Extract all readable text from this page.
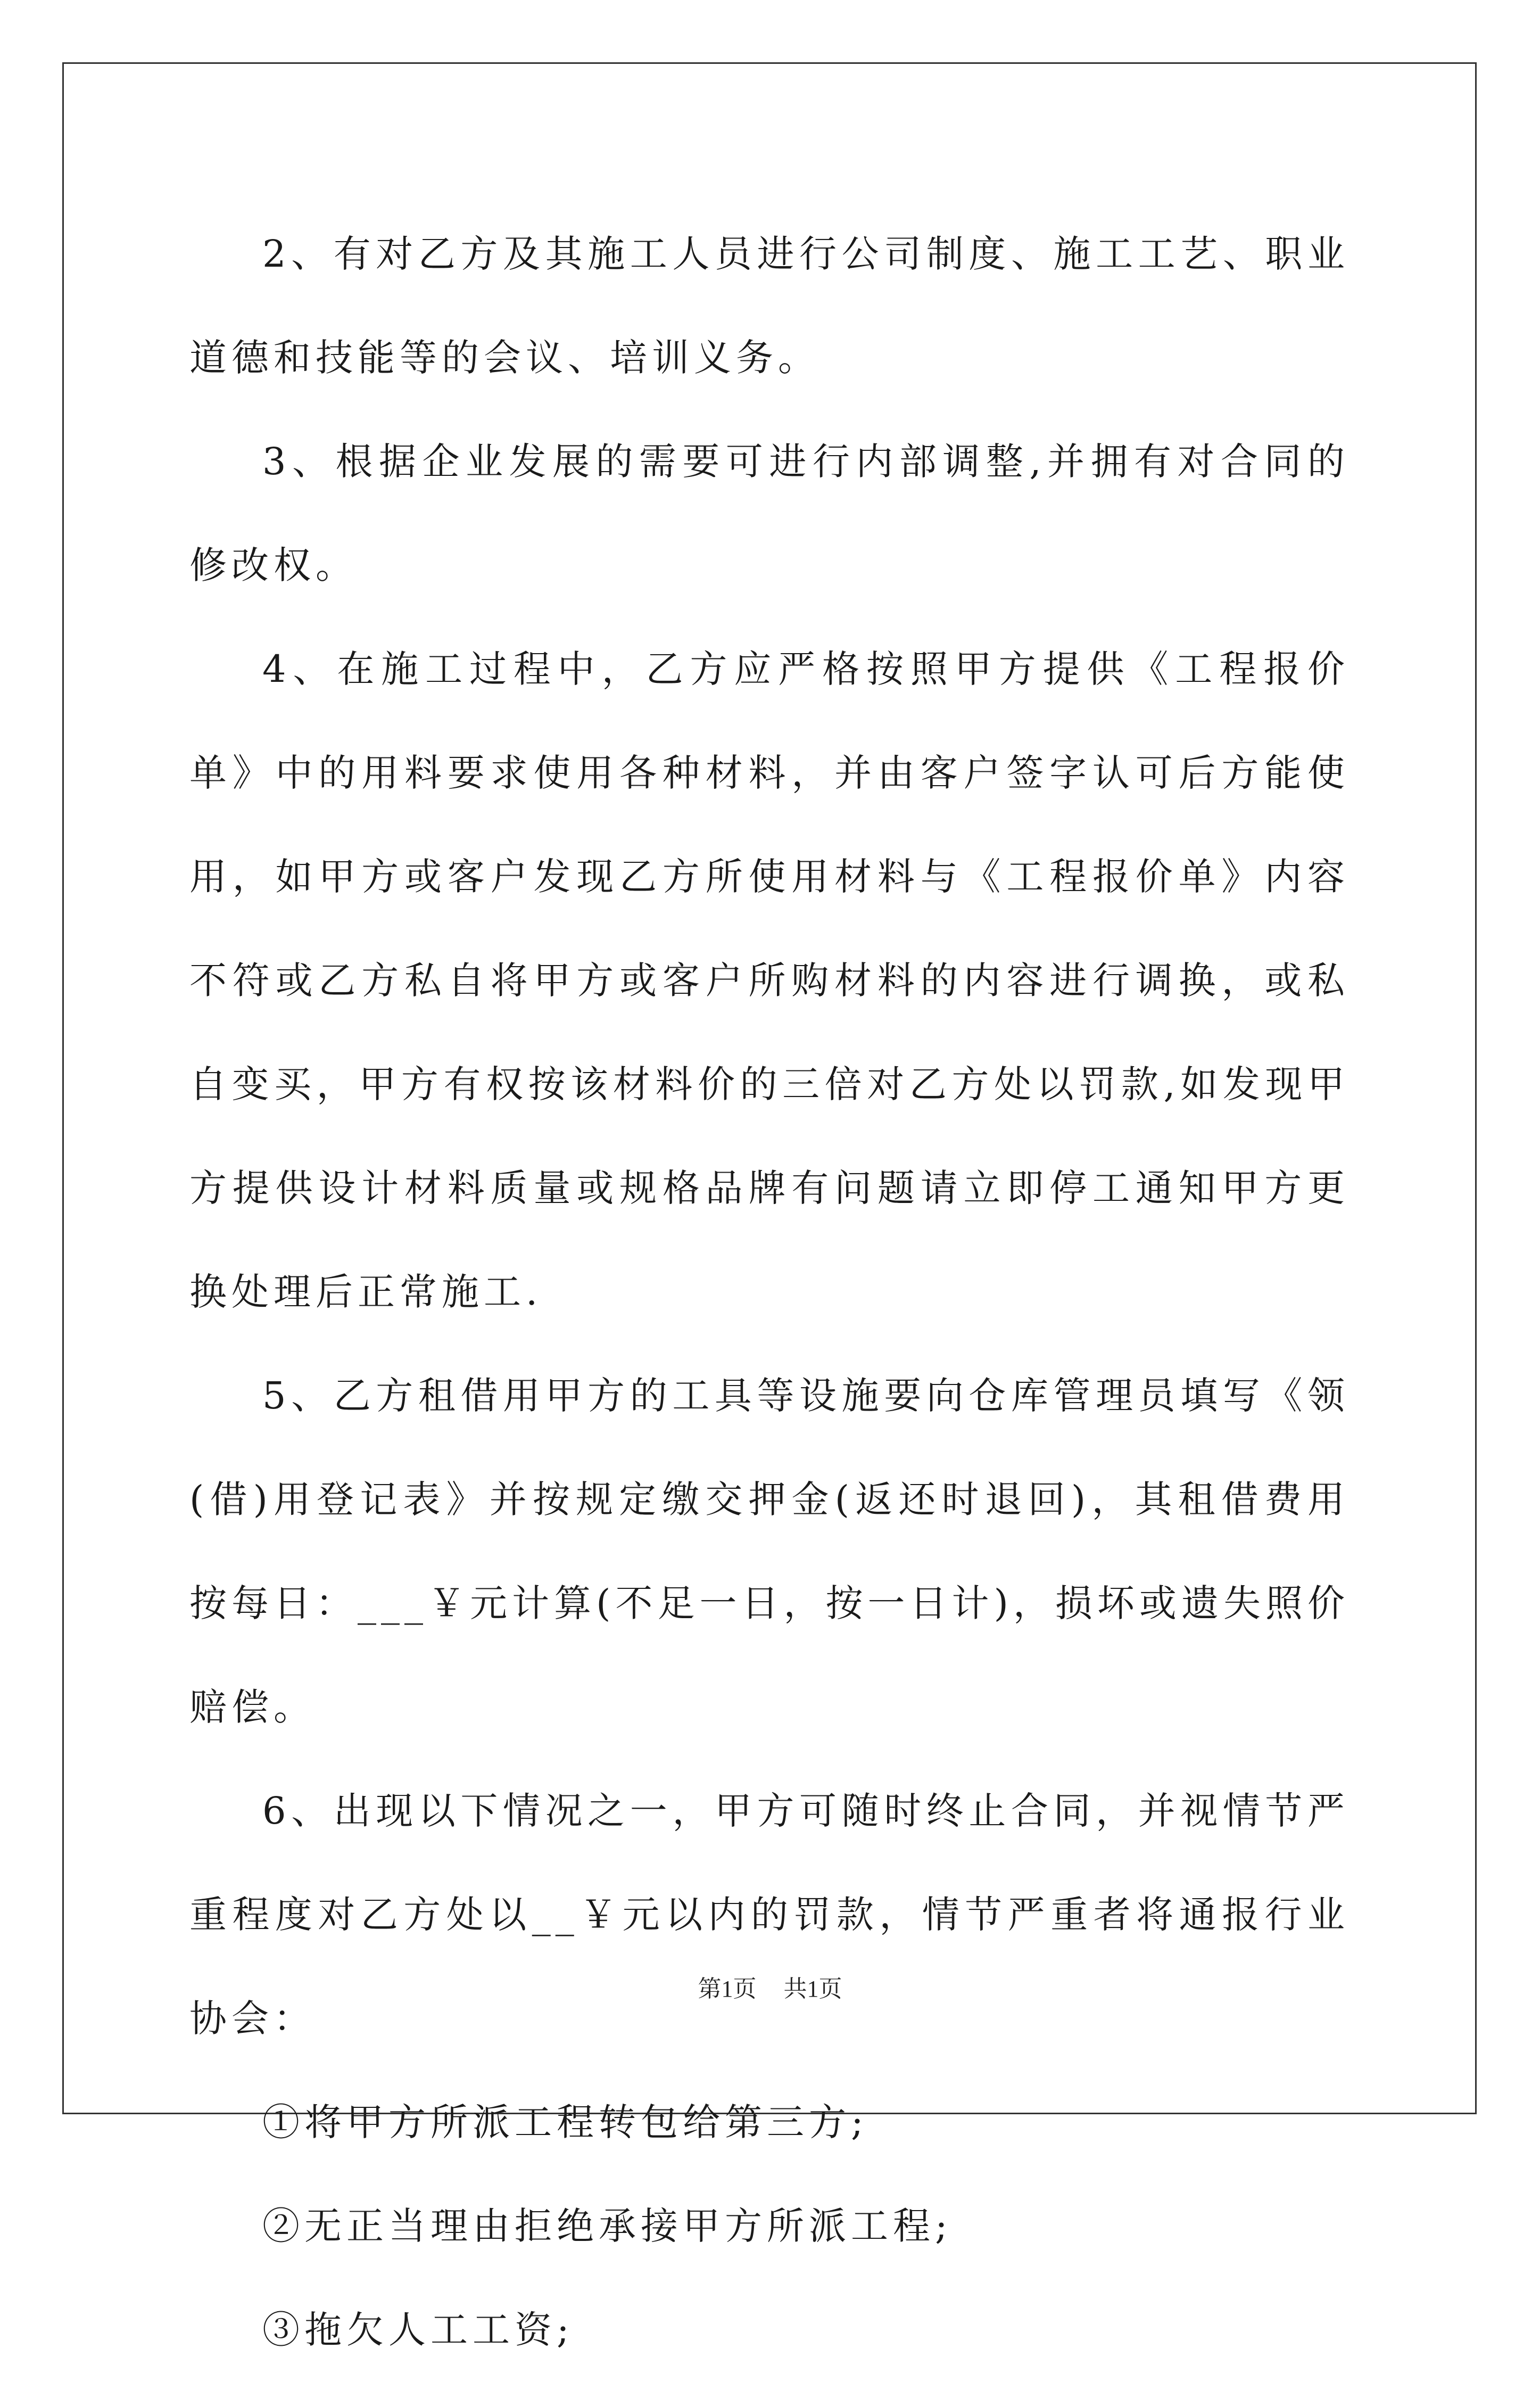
2、有对乙方及其施工人员进行公司制度、施工工艺、职业道德和技能等的会议、培训义务。

3、根据企业发展的需要可进行内部调整,并拥有对合同的修改权。

4、在施工过程中，乙方应严格按照甲方提供《工程报价单》中的用料要求使用各种材料，并由客户签字认可后方能使用，如甲方或客户发现乙方所使用材料与《工程报价单》内容不符或乙方私自将甲方或客户所购材料的内容进行调换，或私自变买，甲方有权按该材料价的三倍对乙方处以罚款,如发现甲方提供设计材料质量或规格品牌有问题请立即停工通知甲方更换处理后正常施工.

5、乙方租借用甲方的工具等设施要向仓库管理员填写《领(借)用登记表》并按规定缴交押金(返还时退回)，其租借费用按每日：___￥元计算(不足一日，按一日计)，损坏或遗失照价赔偿。

6、出现以下情况之一，甲方可随时终止合同，并视情节严重程度对乙方处以__￥元以内的罚款，情节严重者将通报行业协会：

①将甲方所派工程转包给第三方;

②无正当理由拒绝承接甲方所派工程;

③拖欠人工工资;

第1页 共1页
